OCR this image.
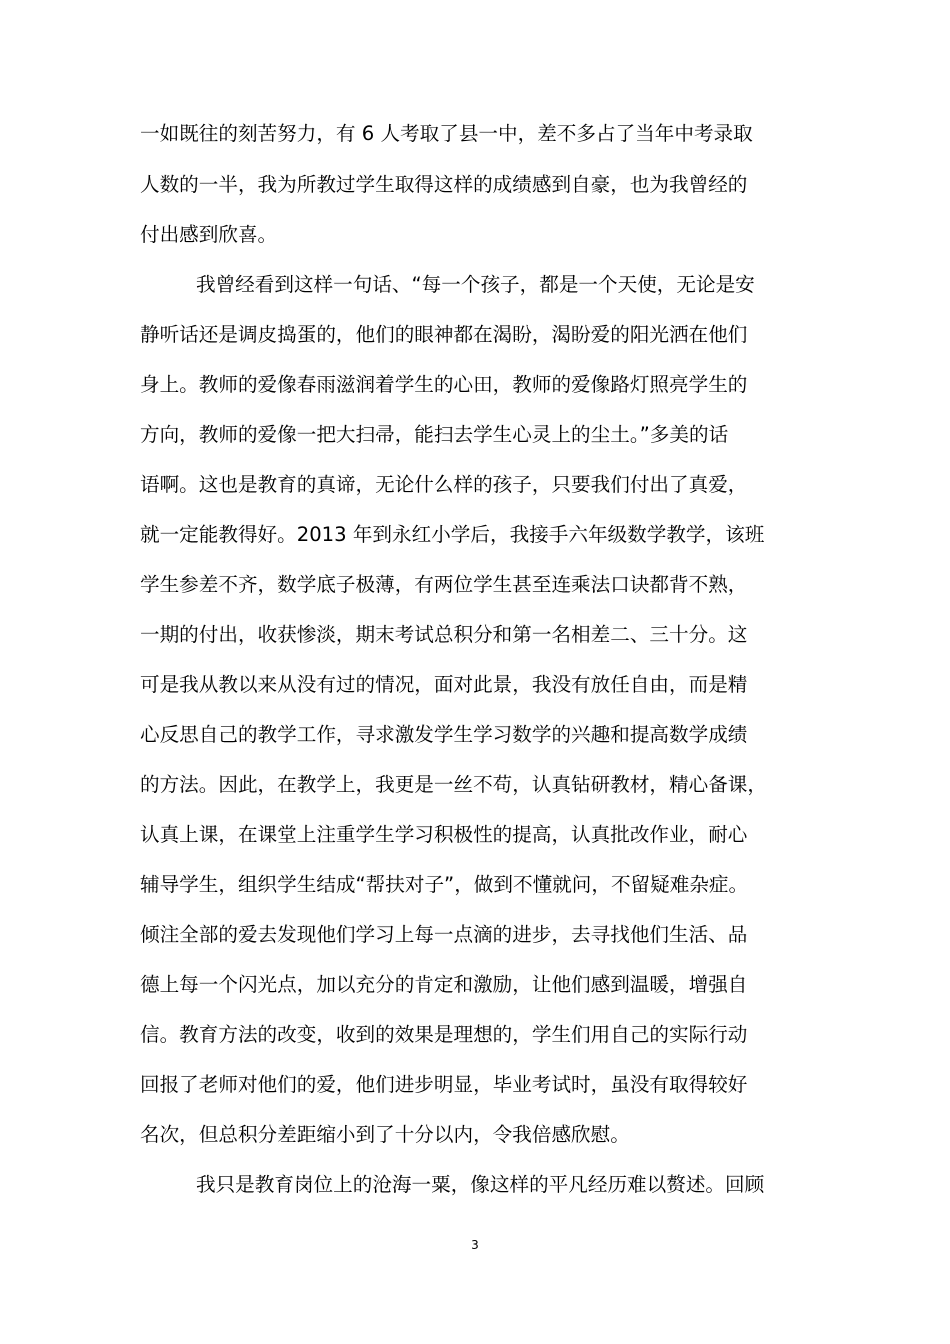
一如既往的刻苦努力，有 6 人考取了县一中，差不多占了当年中考录取
人数的一半，我为所教过学生取得这样的成绩感到自豪，也为我曾经的
付出感到欣喜。
我曾经看到这样一句话、“每一个孩子，都是一个天使，无论是安
静听话还是调皮捣蛋的，他们的眼神都在渴盼，渴盼爱的阳光洒在他们
身上。教师的爱像春雨滋润着学生的心田，教师的爱像路灯照亮学生的
方向，教师的爱像一把大扫帚，能扫去学生心灵上的尘土。”多美的话
语啊。这也是教育的真谛，无论什么样的孩子，只要我们付出了真爱，
就一定能教得好。2013 年到永红小学后，我接手六年级数学教学，该班
学生参差不齐，数学底子极薄，有两位学生甚至连乘法口诀都背不熟，
一期的付出，收获惨淡，期末考试总积分和第一名相差二、三十分。这
可是我从教以来从没有过的情况，面对此景，我没有放任自由，而是精
心反思自己的教学工作，寻求激发学生学习数学的兴趣和提高数学成绩
的方法。因此，在教学上，我更是一丝不苟，认真钻研教材，精心备课，
认真上课，在课堂上注重学生学习积极性的提高，认真批改作业，耐心
辅导学生，组织学生结成“帮扶对子”，做到不懂就问，不留疑难杂症。
倾注全部的爱去发现他们学习上每一点滴的进步，去寻找他们生活、品
德上每一个闪光点，加以充分的肯定和激励，让他们感到温暖，增强自
信。教育方法的改变，收到的效果是理想的，学生们用自己的实际行动
回报了老师对他们的爱，他们进步明显，毕业考试时，虽没有取得较好
名次，但总积分差距缩小到了十分以内，令我倍感欣慰。
我只是教育岗位上的沧海一粟，像这样的平凡经历难以赘述。回顾
3
